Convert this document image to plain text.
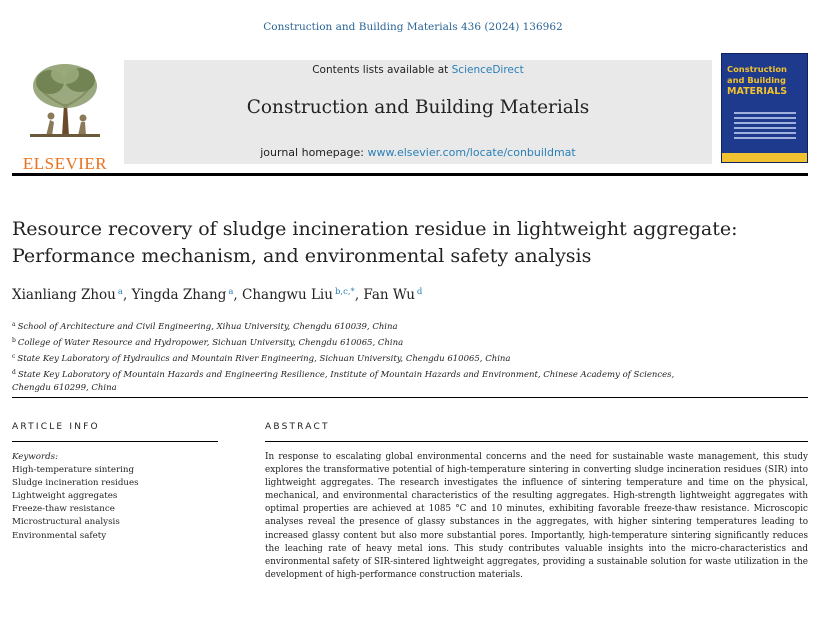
Construction and Building Materials 436 (2024) 136962
ELSEVIER
Contents lists available at ScienceDirect
Construction and Building Materials
journal homepage: www.elsevier.com/locate/conbuildmat
Construction
and Building
MATERIALS
Resource recovery of sludge incineration residue in lightweight aggregate:
Performance mechanism, and environmental safety analysis
Xianliang Zhou $^a$, Yingda Zhang $^a$, Changwu Liu $^{b,c,*}$, Fan Wu $^d$
$^a$ School of Architecture and Civil Engineering, Xihua University, Chengdu 610039, China
$^b$ College of Water Resource and Hydropower, Sichuan University, Chengdu 610065, China
$^c$ State Key Laboratory of Hydraulics and Mountain River Engineering, Sichuan University, Chengdu 610065, China
$^d$ State Key Laboratory of Mountain Hazards and Engineering Resilience, Institute of Mountain Hazards and Environment, Chinese Academy of Sciences, Chengdu 610299, China
ARTICLE INFO	ABSTRACT
Keywords:
High-temperature sintering
Sludge incineration residues
Lightweight aggregates
Freeze-thaw resistance
Microstructural analysis
Environmental safety
In response to escalating global environmental concerns and the need for sustainable waste management, this study explores the transformative potential of high-temperature sintering in converting sludge incineration residues (SIR) into lightweight aggregates. The research investigates the influence of sintering temperature and time on the physical, mechanical, and environmental characteristics of the resulting aggregates. High-strength lightweight aggregates with optimal properties are achieved at 1085 °C and 10 minutes, exhibiting favorable freeze-thaw resistance. Microscopic analyses reveal the presence of glassy substances in the aggregates, with higher sintering temperatures leading to increased glassy content but also more substantial pores. Importantly, high-temperature sintering significantly reduces the leaching rate of heavy metal ions. This study contributes valuable insights into the micro-characteristics and environmental safety of SIR-sintered lightweight aggregates, providing a sustainable solution for waste utilization in the development of high-performance construction materials.
